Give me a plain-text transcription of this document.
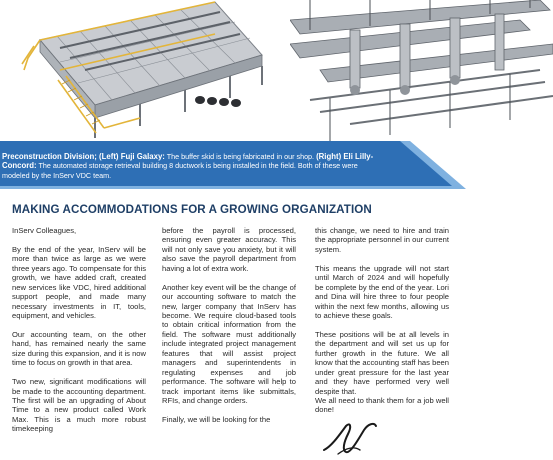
Preconstruction Division; (Left) Fuji Galaxy: The buffer skid is being fabricated in our shop. (Right) Eli Lilly-Concord: The automated storage retrieval building 8 ductwork is being installed in the field. Both of these were modeled by the InServ VDC team.
MAKING ACCOMMODATIONS FOR A GROWING ORGANIZATION

InServ Colleagues,

By the end of the year, InServ will be more than twice as large as we were three years ago. To compensate for this growth, we have added craft, created new services like VDC, hired additional support people, and made many necessary investments in IT, tools, equipment, and vehicles.

Our accounting team, on the other hand, has remained nearly the same size during this expansion, and it is now time to focus on growth in that area.

Two new, significant modifications will be made to the accounting department. The first will be an upgrading of About Time to a new product called Work Max. This is a much more robust timekeeping

before the payroll is processed, ensuring even greater accuracy. This will not only save you anxiety, but it will also save the payroll department from having a lot of extra work.

Another key event will be the change of our accounting software to match the new, larger company that InServ has become. We require cloud-based tools to obtain critical information from the field. The software must additionally include integrated project management features that will assist project managers and superintendents in regulating expenses and job performance. The software will help to track important items like submittals, RFIs, and change orders.

Finally, we will be looking for the

this change, we need to hire and train the appropriate personnel in our current system.

This means the upgrade will not start until March of 2024 and will hopefully be complete by the end of the year. Lori and Dina will hire three to four people within the next few months, allowing us to achieve these goals.

These positions will be at all levels in the department and will set us up for further growth in the future. We all know that the accounting staff has been under great pressure for the last year and they have performed very well despite that.

We all need to thank them for a job well done!
